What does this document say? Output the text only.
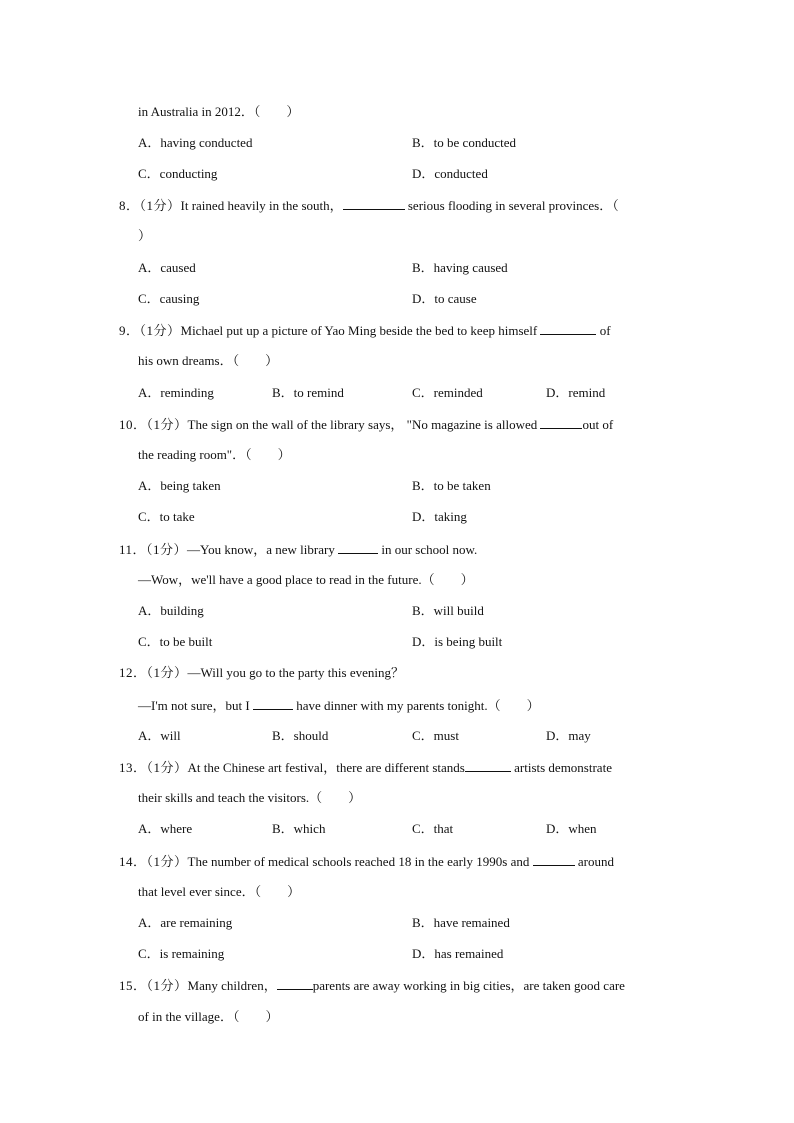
in Australia in 2012．（　　）
A．having conducted	B．to be conducted
C．conducting	D．conducted
8．（1分）It rained heavily in the south，	serious flooding in several provinces．（
）
A．caused	B．having caused
C．causing	D．to cause
9．（1分）Michael put up a picture of Yao Ming beside the bed to keep himself	of
his own dreams．（　　）
A．reminding	B．to remind	C．reminded	D．remind
10．（1分）The sign on the wall of the library says， "No magazine is allowed	out of
the reading room"．（　　）
A．being taken	B．to be taken
C．to take	D．taking
11．（1分）—You know，a new library	in our school now.
—Wow，we'll have a good place to read in the future.（　　）
A．building	B．will build
C．to be built	D．is being built
12．（1分）—Will you go to the party this evening？
—I'm not sure，but I	have dinner with my parents tonight.（　　）
A．will	B．should	C．must	D．may
13．（1分）At the Chinese art festival，there are different stands	artists demonstrate
their skills and teach the visitors.（　　）
A．where	B．which	C．that	D．when
14．（1分）The number of medical schools reached 18 in the early 1990s and	around
that level ever since．（　　）
A．are remaining	B．have remained
C．is remaining	D．has remained
15．（1分）Many children，	parents are away working in big cities，are taken good care
of in the village．（　　）
